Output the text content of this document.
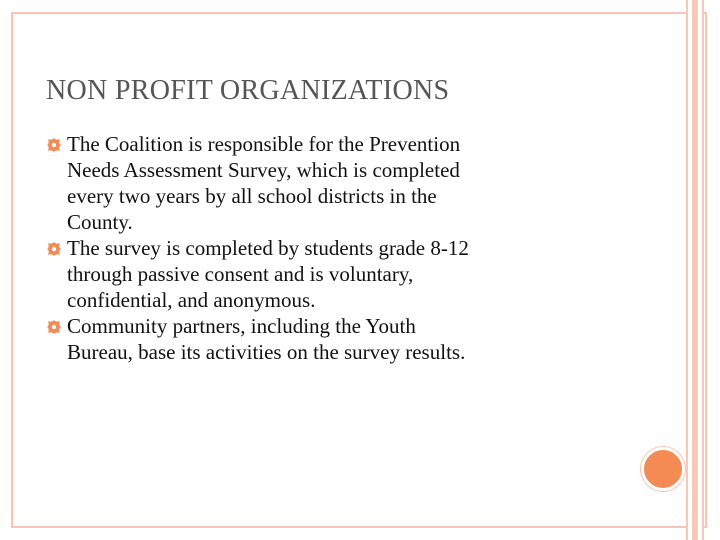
NON PROFIT ORGANIZATIONS
The Coalition is responsible for the Prevention
Needs Assessment Survey, which is completed
every two years by all school districts in the
County.
The survey is completed by students grade 8-12
through passive consent and is voluntary,
confidential, and anonymous.
Community partners, including the Youth
Bureau, base its activities on the survey results.
